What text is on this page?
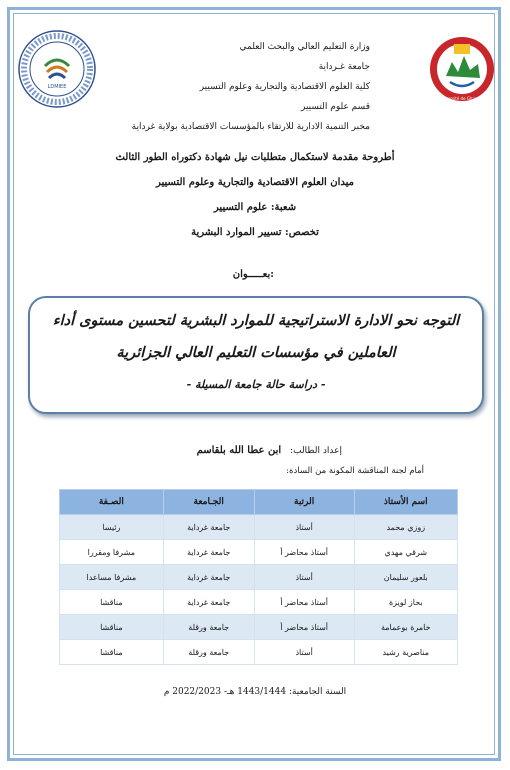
LDMIEE
Université de Ghardaia
وزارة التعليم العالي والبحث العلمي
جامعة غـرداية
كلية العلوم الاقتصادية والتجارية وعلوم التسيير
قسم علوم التسيير
مخبر التنمية الادارية للارتقاء بالمؤسسات الاقتصادية بولاية غرداية
أطروحة مقدمة لاستكمال متطلبات نيل شهادة دكتوراه الطور الثالث
ميدان العلوم الاقتصادية والتجارية وعلوم التسيير
شعبة: علوم التسيير
تخصص: تسيير الموارد البشرية
بعـــــوان:
التوجه نحو الادارة الاستراتيجية للموارد البشرية لتحسين مستوى أداء
العاملين في مؤسسات التعليم العالي الجزائرية
- دراسة حالة جامعة المسيلة -
إعداد الطالب: ابن عطا الله بلقاسم
أمام لجنة المناقشة المكونة من السادة:
اسم الأستاذ	الرتبة	الجـامعة	الصـفة
زوزي محمد	أستاذ	جامعة غرداية	رئيسا
شرقي مهدي	أستاذ محاضر أ	جامعة غرداية	مشرفا ومقررا
بلعور سليمان	أستاذ	جامعة غرداية	مشرفا مساعدا
بحاز لويزة	أستاذ محاضر أ	جامعة غرداية	مناقشا
خامرة بوعمامة	أستاذ محاضر أ	جامعة ورقلة	مناقشا
مناصرية رشيد	أستاذ	جامعة ورقلة	مناقشا
السنة الجامعية: 1443/1444 هـ- 2022/2023 م
